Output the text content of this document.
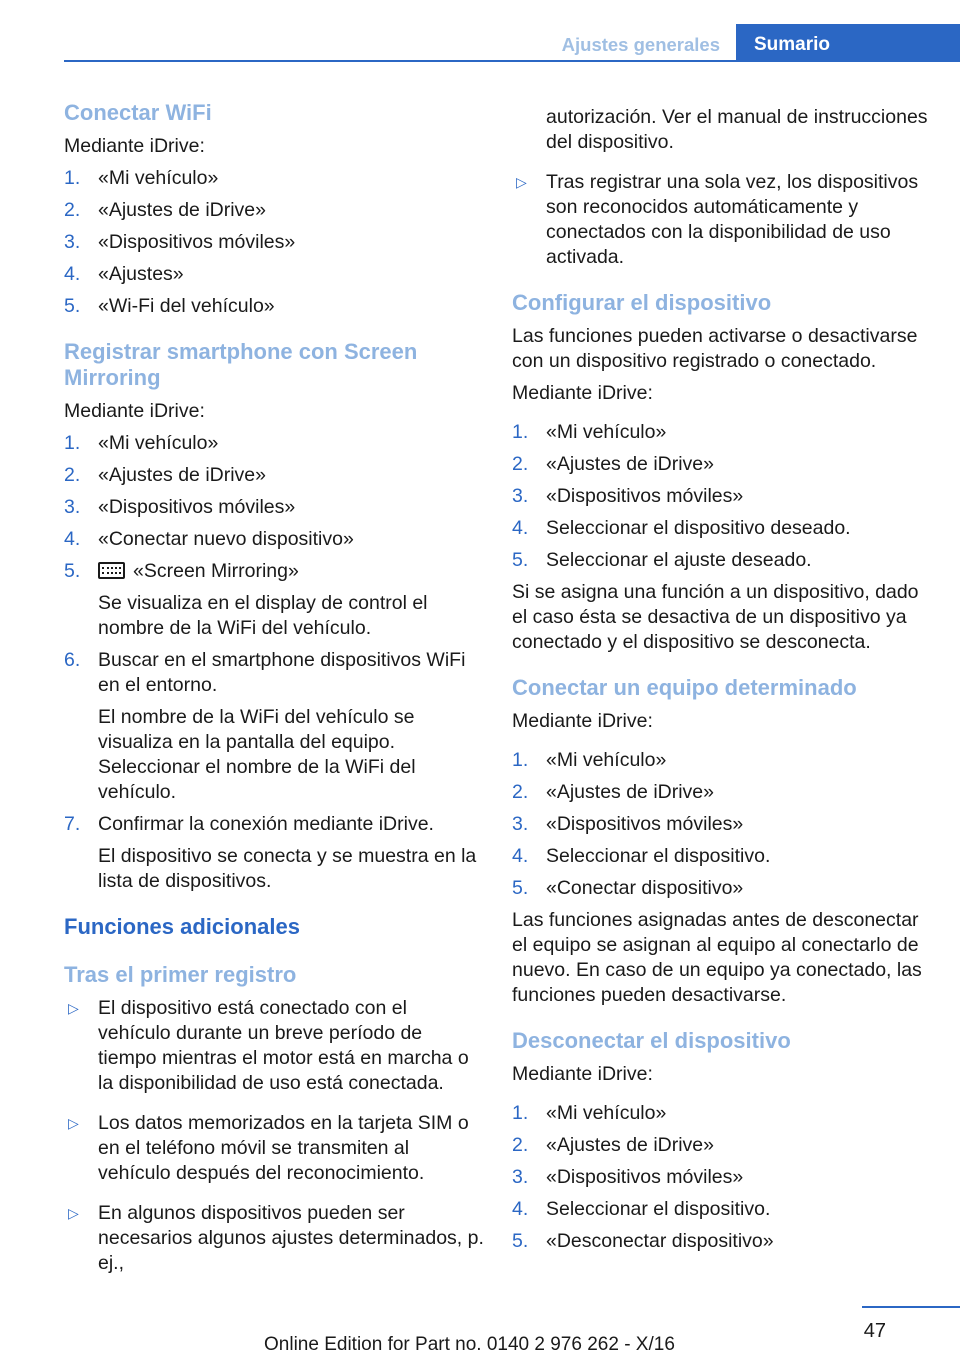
Ajustes generales	Sumario
Conectar WiFi

Mediante iDrive:

1. «Mi vehículo»
2. «Ajustes de iDrive»
3. «Dispositivos móviles»
4. «Ajustes»
5. «Wi-Fi del vehículo»
Registrar smartphone con Screen Mirroring

Mediante iDrive:

1. «Mi vehículo»
2. «Ajustes de iDrive»
3. «Dispositivos móviles»
4. «Conectar nuevo dispositivo»
5.	«Screen Mirroring»
Se visualiza en el display de control el nombre de la WiFi del vehículo.
6. Buscar en el smartphone dispositivos WiFi en el entorno.
El nombre de la WiFi del vehículo se visualiza en la pantalla del equipo. Seleccionar el nombre de la WiFi del vehículo.
7. Confirmar la conexión mediante iDrive.
El dispositivo se conecta y se muestra en la lista de dispositivos.
Funciones adicionales
Tras el primer registro
▷ El dispositivo está conectado con el vehículo durante un breve período de tiempo mientras el motor está en marcha o la disponibilidad de uso está conectada.
▷ Los datos memorizados en la tarjeta SIM o en el teléfono móvil se transmiten al vehículo después del reconocimiento.
▷ En algunos dispositivos pueden ser necesarios algunos ajustes determinados, p. ej.,
autorización. Ver el manual de instrucciones del dispositivo.
▷ Tras registrar una sola vez, los dispositivos son reconocidos automáticamente y conectados con la disponibilidad de uso activada.
Configurar el dispositivo

Las funciones pueden activarse o desactivarse con un dispositivo registrado o conectado.

Mediante iDrive:

1. «Mi vehículo»
2. «Ajustes de iDrive»
3. «Dispositivos móviles»
4. Seleccionar el dispositivo deseado.
5. Seleccionar el ajuste deseado.

Si se asigna una función a un dispositivo, dado el caso ésta se desactiva de un dispositivo ya conectado y el dispositivo se desconecta.

Conectar un equipo determinado

Mediante iDrive:

1. «Mi vehículo»
2. «Ajustes de iDrive»
3. «Dispositivos móviles»
4. Seleccionar el dispositivo.
5. «Conectar dispositivo»

Las funciones asignadas antes de desconectar el equipo se asignan al equipo al conectarlo de nuevo. En caso de un equipo ya conectado, las funciones pueden desactivarse.

Desconectar el dispositivo

Mediante iDrive:

1. «Mi vehículo»
2. «Ajustes de iDrive»
3. «Dispositivos móviles»
4. Seleccionar el dispositivo.
5. «Desconectar dispositivo»
47
Online Edition for Part no. 0140 2 976 262 - X/16
